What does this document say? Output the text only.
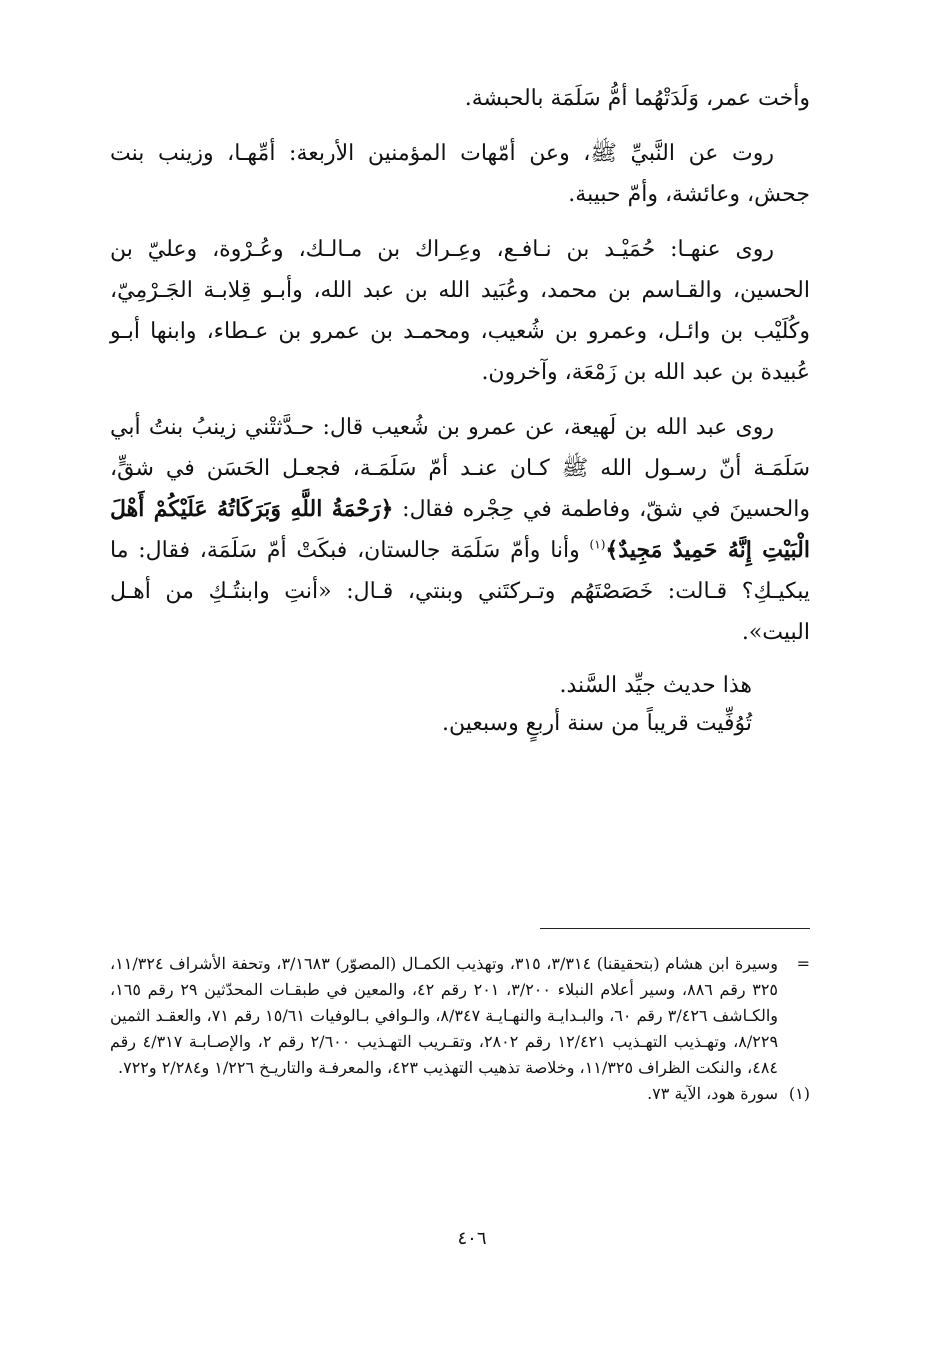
وأخت عمر، وَلَدَتْهُما أمُّ سَلَمَة بالحبشة.

روت عن النَّبيِّ ﷺ، وعن أمّهات المؤمنين الأربعة: أمِّهـا، وزينب بنت جحش، وعائشة، وأمّ حبيبة.

روى عنهـا: حُمَيْـد بن نـافـع، وعِـراك بن مـالـك، وعُـرْوة، وعليّ بن الحسين، والقـاسم بن محمد، وعُبَيد الله بن عبد الله، وأبـو قِلابـة الجَـرْمِيّ، وكُلَيْب بن وائـل، وعمرو بن شُعيب، ومحمـد بن عمرو بن عـطاء، وابنها أبـو عُبيدة بن عبد الله بن زَمْعَة، وآخرون.

روى عبد الله بن لَهيعة، عن عمرو بن شُعيب قال: حـدَّثتْني زينبُ بنتُ أبي سَلَمَـة أنّ رسـول الله ﷺ كـان عنـد أمّ سَلَمَـة، فجعـل الحَسَن في شقٍّ، والحسينَ في شقّ، وفاطمة في حِجْره فقال: ﴿رَحْمَةُ اللَّهِ وَبَرَكَاتُهُ عَلَيْكُمْ أَهْلَ الْبَيْتِ إِنَّهُ حَمِيدٌ مَجِيدٌ﴾$^{(١)}$ وأنا وأمّ سَلَمَة جالستان، فبكَتْ أمّ سَلَمَة، فقال: ما يبكيـكِ؟ قـالت: خَصَصْتَهُم وتـركتَني وبنتي، قـال: «أنتِ وابنتُـكِ من أهـل البيت».

هذا حديث جيِّد السَّند.

تُوُفِّيت قريباً من سنة أربعٍ وسبعين.

=
وسيرة ابن هشام (بتحقيقنا) ٣/٣١٤، ٣١٥، وتهذيب الكمـال (المصوّر) ٣/١٦٨٣، وتحفة الأشراف ١١/٣٢٤، ٣٢٥ رقم ٨٨٦، وسير أعلام النبلاء ٣/٢٠٠، ٢٠١ رقم ٤٢، والمعين في طبقـات المحدّثين ٢٩ رقم ١٦٥، والكـاشف ٣/٤٢٦ رقم ٦٠، والبـدايـة والنهـايـة ٨/٣٤٧، والـوافي بـالوفيات ١٥/٦١ رقم ٧١، والعقـد الثمين ٨/٢٢٩، وتهـذيب التهـذيب ١٢/٤٢١ رقم ٢٨٠٢، وتقـريب التهـذيب ٢/٦٠٠ رقم ٢، والإصـابـة ٤/٣١٧ رقم ٤٨٤، والنكت الظراف ١١/٣٢٥، وخلاصة تذهيب التهذيب ٤٢٣، والمعرفـة والتاريـخ ١/٢٢٦ و٢/٢٨٤ و٧٢٢.
(١)
سورة هود، الآية ٧٣.
٤٠٦
